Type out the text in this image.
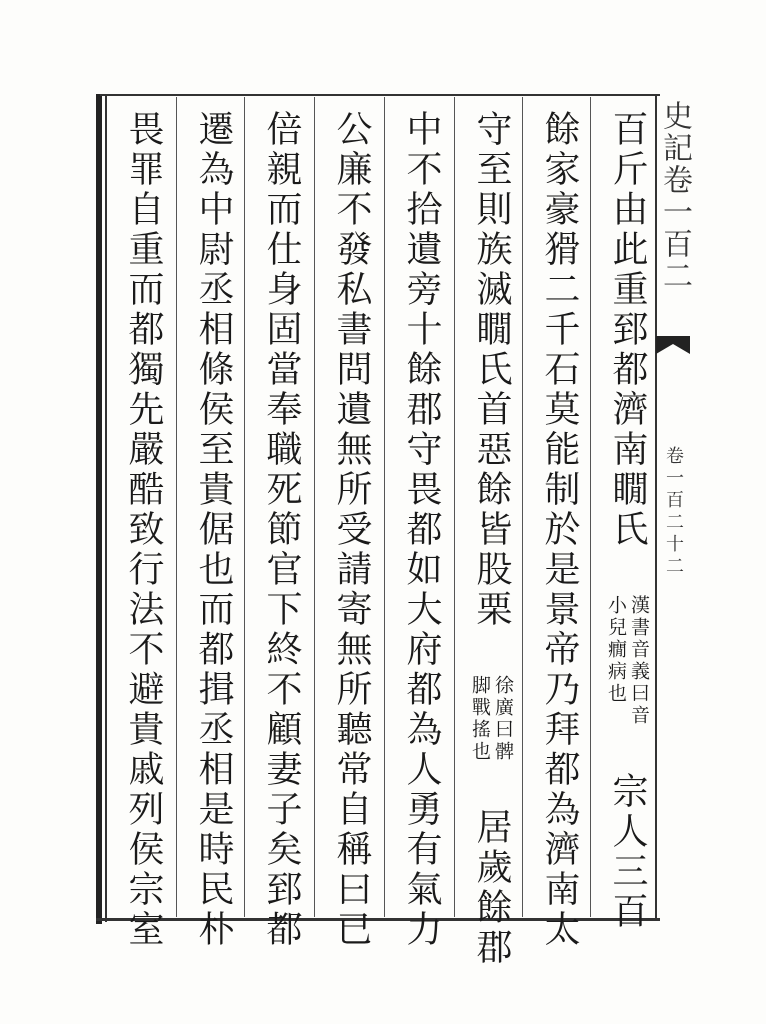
百斤由此重郅都濟南瞯氏
漢書音義曰音
小兒癇病也
宗人三百
餘家豪猾二千石莫能制於是景帝乃拜都為濟南太
守至則族滅瞯氏首惡餘皆股栗
徐廣曰髀
脚戰搖也
居歲餘郡
中不拾遺旁十餘郡守畏都如大府都為人勇有氣力
公廉不發私書問遺無所受請寄無所聽常自稱曰已
倍親而仕身固當奉職死節官下終不顧妻子矣郅都
遷為中尉丞相條侯至貴倨也而都揖丞相是時民朴
畏罪自重而都獨先嚴酷致行法不避貴戚列侯宗室	史記卷一百二
卷一百二十二
